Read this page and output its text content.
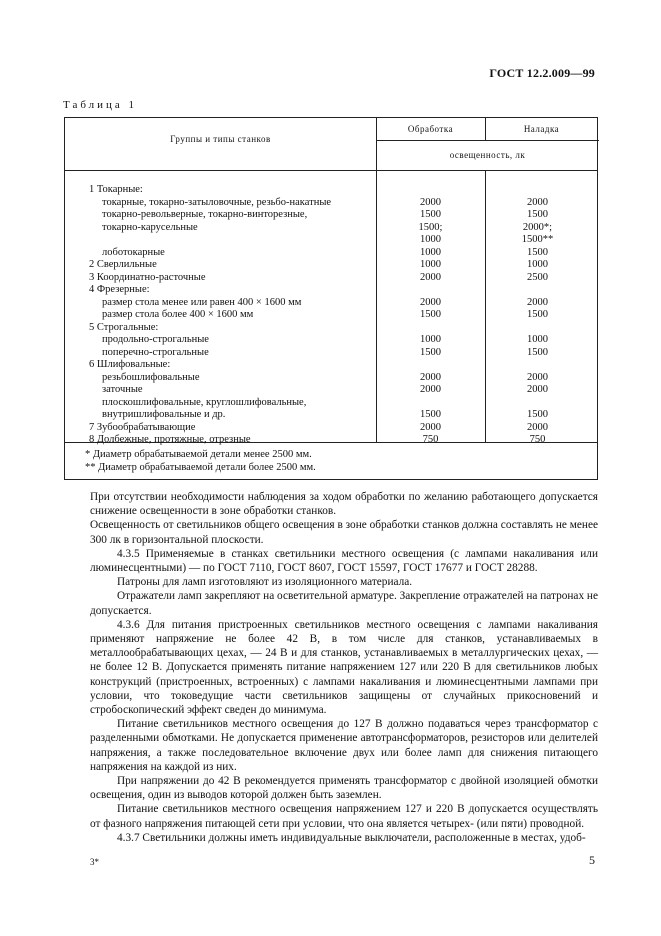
ГОСТ 12.2.009—99
Таблица 1
Группы и типы станков
Обработка	Наладка
освещенность, лк
1 Токарные:
токарные, токарно-затыловочные, резьбо-накатные	2000	2000
токарно-револьверные, токарно-винторезные,	1500	1500
токарно-карусельные	1500;	2000*;
1000	1500**
лоботокарные	1000	1500
2 Сверлильные	1000	1000
3 Координатно-расточные	2000	2500
4 Фрезерные:
размер стола менее или равен 400 × 1600 мм	2000	2000
размер стола более 400 × 1600 мм	1500	1500
5 Строгальные:
продольно-строгальные	1000	1000
поперечно-строгальные	1500	1500
6 Шлифовальные:
резьбошлифовальные	2000	2000
заточные	2000	2000
плоскошлифовальные, круглошлифовальные,
внутришлифовальные и др.	1500	1500
7 Зубообрабатывающие	2000	2000
8 Долбежные, протяжные, отрезные	750	750
* Диаметр обрабатываемой детали менее 2500 мм.
** Диаметр обрабатываемой детали более 2500 мм.

При отсутствии необходимости наблюдения за ходом обработки по желанию работающего допускается снижение освещенности в зоне обработки станков.

Освещенность от светильников общего освещения в зоне обработки станков должна составлять не менее 300 лк в горизонтальной плоскости.

4.3.5 Применяемые в станках светильники местного освещения (с лампами накаливания или люминесцентными) — по ГОСТ 7110, ГОСТ 8607, ГОСТ 15597, ГОСТ 17677 и ГОСТ 28288.

Патроны для ламп изготовляют из изоляционного материала.

Отражатели ламп закрепляют на осветительной арматуре. Закрепление отражателей на патронах не допускается.

4.3.6 Для питания пристроенных светильников местного освещения с лампами накаливания применяют напряжение не более 42 В, в том числе для станков, устанавливаемых в металлообрабатывающих цехах, — 24 В и для станков, устанавливаемых в металлургических цехах, — не более 12 В. Допускается применять питание напряжением 127 или 220 В для светильников любых конструкций (пристроенных, встроенных) с лампами накаливания и люминесцентными лампами при условии, что токоведущие части светильников защищены от случайных прикосновений и стробоскопический эффект сведен до минимума.

Питание светильников местного освещения до 127 В должно подаваться через трансформатор с разделенными обмотками. Не допускается применение автотрансформаторов, резисторов или делителей напряжения, а также последовательное включение двух или более ламп для снижения питающего напряжения на каждой из них.

При напряжении до 42 В рекомендуется применять трансформатор с двойной изоляцией обмотки освещения, один из выводов которой должен быть заземлен.

Питание светильников местного освещения напряжением 127 и 220 В допускается осуществлять от фазного напряжения питающей сети при условии, что она является четырех- (или пяти) проводной.

4.3.7 Светильники должны иметь индивидуальные выключатели, расположенные в местах, удоб-

3*	5
